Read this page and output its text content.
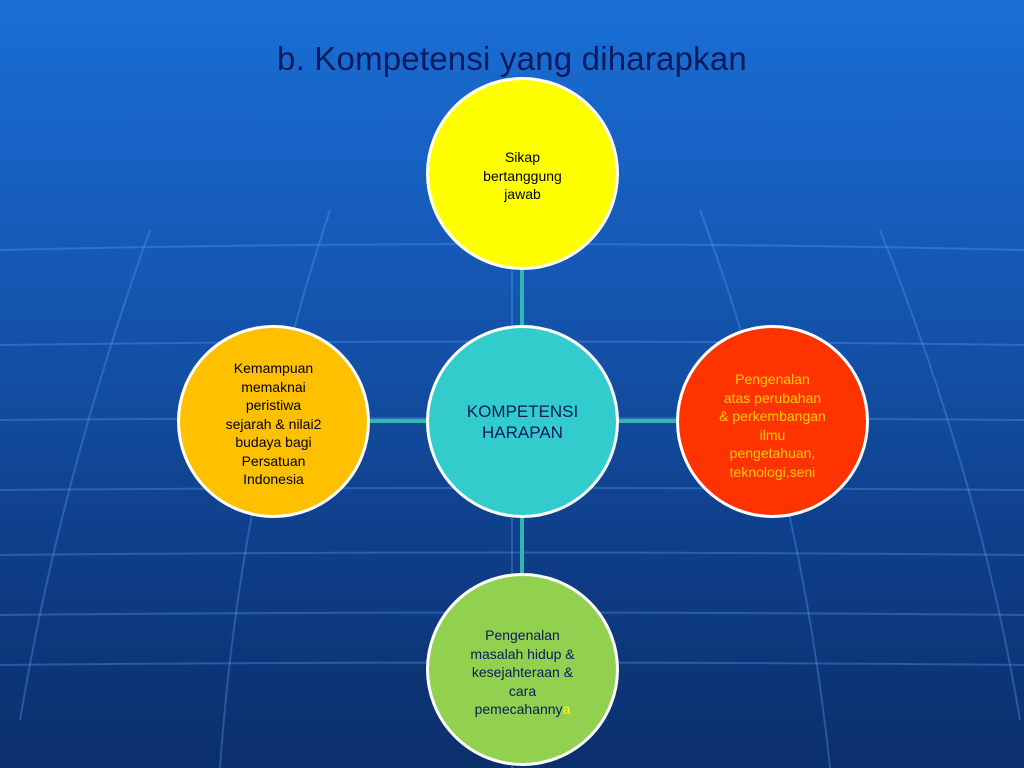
b. Kompetensi yang diharapkan
Sikap
bertanggung
jawab
Kemampuan
memaknai
peristiwa
sejarah & nilai2
budaya bagi
Persatuan
Indonesia
KOMPETENSI
HARAPAN
Pengenalan
atas perubahan
& perkembangan
ilmu
pengetahuan,
teknologi,seni
Pengenalan
masalah hidup &
kesejahteraan &
cara
pemecahannya
